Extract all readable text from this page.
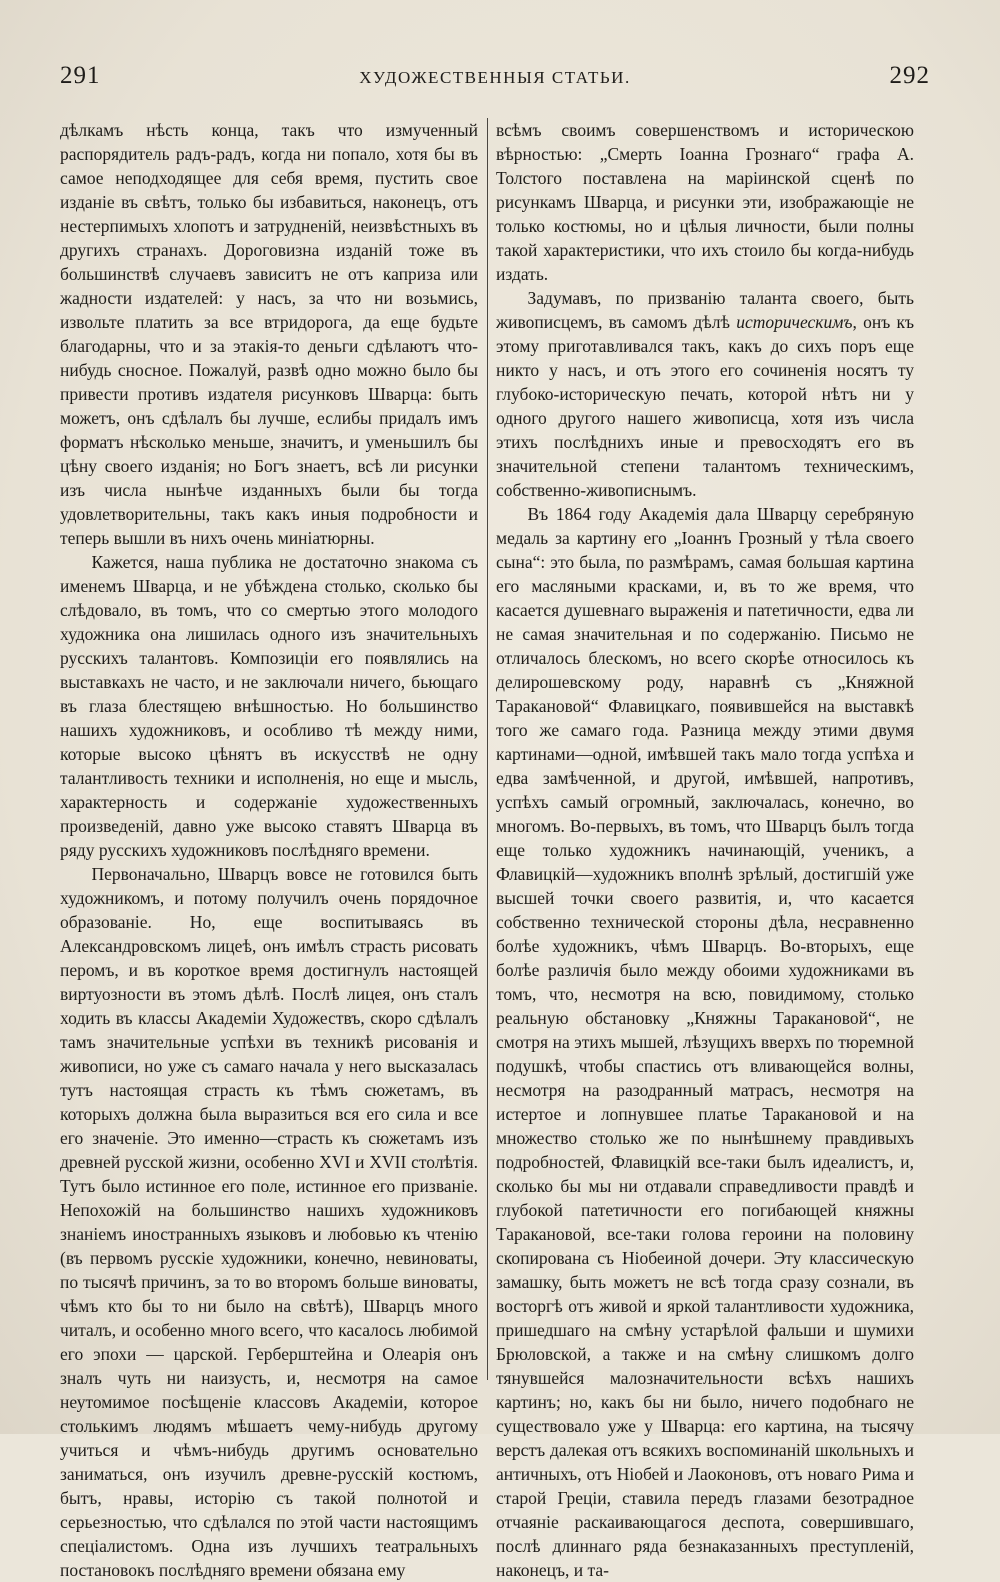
291	ХУДОЖЕСТВЕННЫЯ СТАТЬИ.	292

дѣлкамъ нѣсть конца, такъ что измученный распорядитель радъ-радъ, когда ни попало, хотя бы въ самое неподходящее для себя время, пустить свое изданіе въ свѣтъ, только бы избавиться, наконецъ, отъ нестерпимыхъ хлопотъ и затрудненій, неизвѣстныхъ въ другихъ странахъ. Дороговизна изданій тоже въ большинствѣ случаевъ зависитъ не отъ каприза или жадности издателей: у насъ, за что ни возьмись, извольте платить за все втридорога, да еще будьте благодарны, что и за этакія-то деньги сдѣлаютъ что-нибудь сносное. Пожалуй, развѣ одно можно было бы привести противъ издателя рисунковъ Шварца: быть можетъ, онъ сдѣлалъ бы лучше, еслибы придалъ имъ форматъ нѣсколько меньше, значитъ, и уменьшилъ бы цѣну своего изданія; но Богъ знаетъ, всѣ ли рисунки изъ числа нынѣче изданныхъ были бы тогда удовлетворительны, такъ какъ иныя подробности и теперь вышли въ нихъ очень миніатюрны.

Кажется, наша публика не достаточно знакома съ именемъ Шварца, и не убѣждена столько, сколько бы слѣдовало, въ томъ, что со смертью этого молодого художника она лишилась одного изъ значительныхъ русскихъ талантовъ. Композиціи его появлялись на выставкахъ не часто, и не заключали ничего, бьющаго въ глаза блестящею внѣшностью. Но большинство нашихъ художниковъ, и особливо тѣ между ними, которые высоко цѣнятъ въ искусствѣ не одну талантливость техники и исполненія, но еще и мысль, характерность и содержаніе художественныхъ произведеній, давно уже высоко ставятъ Шварца въ ряду русскихъ художниковъ послѣдняго времени.

Первоначально, Шварцъ вовсе не готовился быть художникомъ, и потому получилъ очень порядочное образованіе. Но, еще воспитываясь въ Александровскомъ лицеѣ, онъ имѣлъ страсть рисовать перомъ, и въ короткое время достигнулъ настоящей виртуозности въ этомъ дѣлѣ. Послѣ лицея, онъ сталъ ходить въ классы Академіи Художествъ, скоро сдѣлалъ тамъ значительные успѣхи въ техникѣ рисованія и живописи, но уже съ самаго начала у него высказалась тутъ настоящая страсть къ тѣмъ сюжетамъ, въ которыхъ должна была выразиться вся его сила и все его значеніе. Это именно—страсть къ сюжетамъ изъ древней русской жизни, особенно XVI и XVII столѣтія. Тутъ было истинное его поле, истинное его призваніе. Непохожій на большинство нашихъ художниковъ знаніемъ иностранныхъ языковъ и любовью къ чтенію (въ первомъ русскіе художники, конечно, невиноваты, по тысячѣ причинъ, за то во второмъ больше виноваты, чѣмъ кто бы то ни было на свѣтѣ), Шварцъ много читалъ, и особенно много всего, что касалось любимой его эпохи — царской. Герберштейна и Олеарія онъ зналъ чуть ни наизусть, и, несмотря на самое неутомимое посѣщеніе классовъ Академіи, которое столькимъ людямъ мѣшаетъ чему-нибудь другому учиться и чѣмъ-нибудь другимъ основательно заниматься, онъ изучилъ древне-русскій костюмъ, бытъ, нравы, исторію съ такой полнотой и серьезностью, что сдѣлался по этой части настоящимъ спеціалистомъ. Одна изъ лучшихъ театральныхъ постановокъ послѣдняго времени обязана ему

всѣмъ своимъ совершенствомъ и историческою вѣрностью: „Смерть Іоанна Грознаго“ графа А. Толстого поставлена на маріинской сценѣ по рисункамъ Шварца, и рисунки эти, изображающіе не только костюмы, но и цѣлыя личности, были полны такой характеристики, что ихъ стоило бы когда-нибудь издать.

Задумавъ, по призванію таланта своего, быть живописцемъ, въ самомъ дѣлѣ историческимъ, онъ къ этому приготавливался такъ, какъ до сихъ поръ еще никто у насъ, и отъ этого его сочиненія носятъ ту глубоко-историческую печать, которой нѣтъ ни у одного другого нашего живописца, хотя изъ числа этихъ послѣднихъ иные и превосходятъ его въ значительной степени талантомъ техническимъ, собственно-живописнымъ.

Въ 1864 году Академія дала Шварцу серебряную медаль за картину его „Іоаннъ Грозный у тѣла своего сына“: это была, по размѣрамъ, самая большая картина его масляными красками, и, въ то же время, что касается душевнаго выраженія и патетичности, едва ли не самая значительная и по содержанію. Письмо не отличалось блескомъ, но всего скорѣе относилось къ делирошевскому роду, наравнѣ съ „Княжной Таракановой“ Флавицкаго, появившейся на выставкѣ того же самаго года. Разница между этими двумя картинами—одной, имѣвшей такъ мало тогда успѣха и едва замѣченной, и другой, имѣвшей, напротивъ, успѣхъ самый огромный, заключалась, конечно, во многомъ. Во-первыхъ, въ томъ, что Шварцъ былъ тогда еще только художникъ начинающій, ученикъ, а Флавицкій—художникъ вполнѣ зрѣлый, достигшій уже высшей точки своего развитія, и, что касается собственно технической стороны дѣла, несравненно болѣе художникъ, чѣмъ Шварцъ. Во-вторыхъ, еще болѣе различія было между обоими художниками въ томъ, что, несмотря на всю, повидимому, столько реальную обстановку „Княжны Таракановой“, не смотря на этихъ мышей, лѣзущихъ вверхъ по тюремной подушкѣ, чтобы спастись отъ вливающейся волны, несмотря на разодранный матрасъ, несмотря на истертое и лопнувшее платье Таракановой и на множество столько же по нынѣшнему правдивыхъ подробностей, Флавицкій все-таки былъ идеалистъ, и, сколько бы мы ни отдавали справедливости правдѣ и глубокой патетичности его погибающей княжны Таракановой, все-таки голова героини на половину скопирована съ Ніобеиной дочери. Эту классическую замашку, быть можетъ не всѣ тогда сразу сознали, въ восторгѣ отъ живой и яркой талантливости художника, пришедшаго на смѣну устарѣлой фальши и шумихи Брюловской, а также и на смѣну слишкомъ долго тянувшейся малозначительности всѣхъ нашихъ картинъ; но, какъ бы ни было, ничего подобнаго не существовало уже у Шварца: его картина, на тысячу верстъ далекая отъ всякихъ воспоминаній школьныхъ и античныхъ, отъ Ніобей и Лаоконовъ, отъ новаго Рима и старой Греціи, ставила передъ глазами безотрадное отчаяніе раскаивающагося деспота, совершившаго, послѣ длиннаго ряда безнаказанныхъ преступленій, наконецъ, и та-
